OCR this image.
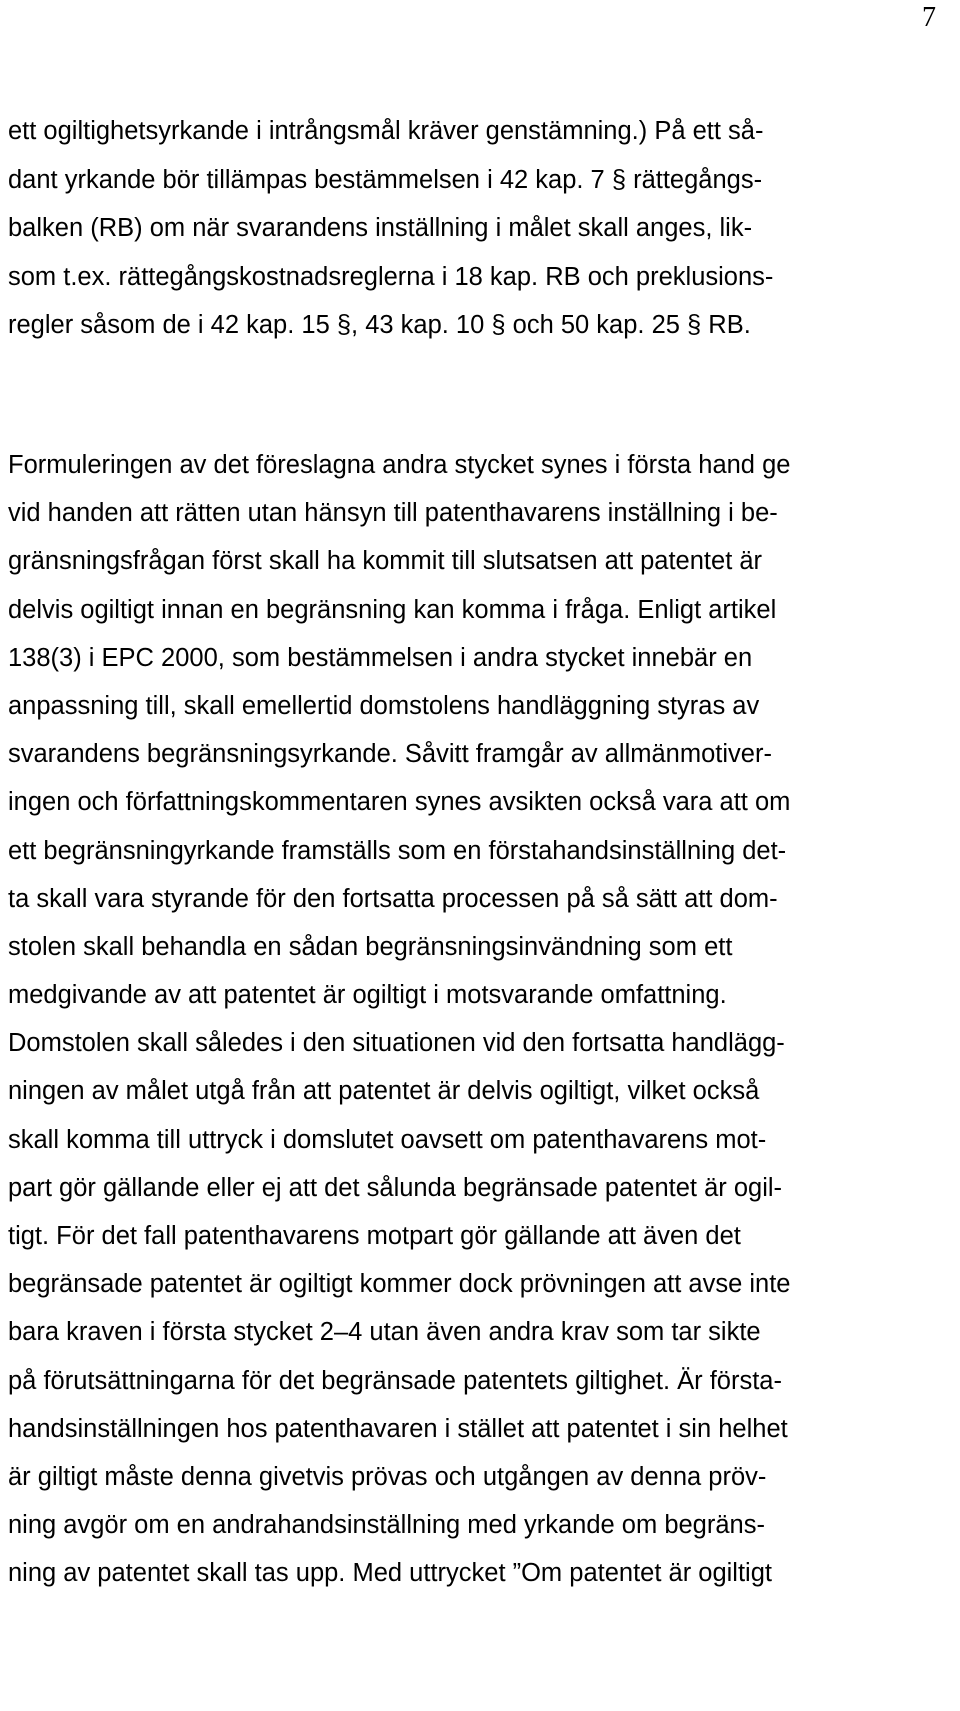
7

ett ogiltighetsyrkande i intrångsmål kräver genstämning.) På ett så-
dant yrkande bör tillämpas bestämmelsen i 42 kap. 7 § rättegångs-
balken (RB) om när svarandens inställning i målet skall anges, lik-
som t.ex. rättegångskostnadsreglerna i 18 kap. RB och preklusions-
regler såsom de i 42 kap. 15 §, 43 kap. 10 § och 50 kap. 25 § RB.

Formuleringen av det föreslagna andra stycket synes i första hand ge
vid handen att rätten utan hänsyn till patenthavarens inställning i be-
gränsningsfrågan först skall ha kommit till slutsatsen att patentet är
delvis ogiltigt innan en begränsning kan komma i fråga. Enligt artikel
138(3) i EPC 2000, som bestämmelsen i andra stycket innebär en
anpassning till, skall emellertid domstolens handläggning styras av
svarandens begränsningsyrkande. Såvitt framgår av allmänmotiver-
ingen och författningskommentaren synes avsikten också vara att om
ett begränsningyrkande framställs som en förstahandsinställning det-
ta skall vara styrande för den fortsatta processen på så sätt att dom-
stolen skall behandla en sådan begränsningsinvändning som ett
medgivande av att patentet är ogiltigt i motsvarande omfattning.
Domstolen skall således i den situationen vid den fortsatta handlägg-
ningen av målet utgå från att patentet är delvis ogiltigt, vilket också
skall komma till uttryck i domslutet oavsett om patenthavarens mot-
part gör gällande eller ej att det sålunda begränsade patentet är ogil-
tigt. För det fall patenthavarens motpart gör gällande att även det
begränsade patentet är ogiltigt kommer dock prövningen att avse inte
bara kraven i första stycket 2–4 utan även andra krav som tar sikte
på förutsättningarna för det begränsade patentets giltighet. Är första-
handsinställningen hos patenthavaren i stället att patentet i sin helhet
är giltigt måste denna givetvis prövas och utgången av denna pröv-
ning avgör om en andrahandsinställning med yrkande om begräns-
ning av patentet skall tas upp. Med uttrycket ”Om patentet är ogiltigt
